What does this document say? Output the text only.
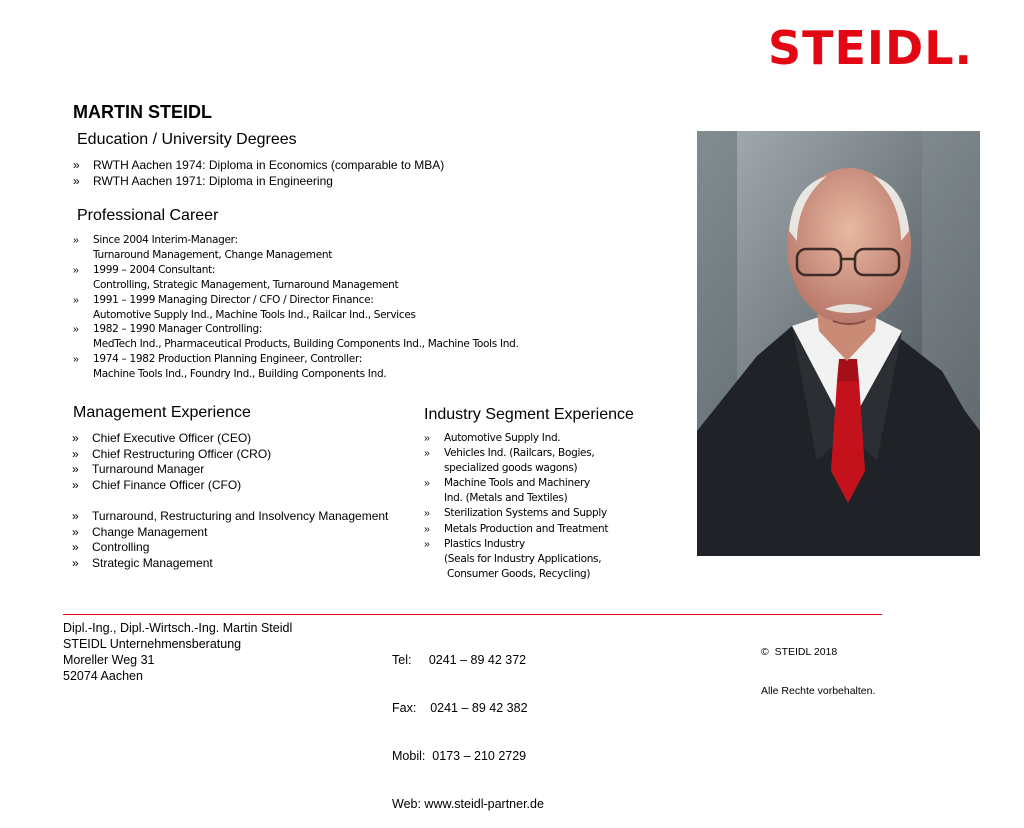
STEIDL.
MARTIN STEIDL
Education / University Degrees
» RWTH Aachen 1974: Diploma in Economics (comparable to MBA)
» RWTH Aachen 1971: Diploma in Engineering
Professional Career
» Since 2004 Interim-Manager:
Turnaround Management, Change Management
» 1999 – 2004 Consultant:
Controlling, Strategic Management, Turnaround Management
» 1991 – 1999 Managing Director / CFO / Director Finance:
Automotive Supply Ind., Machine Tools Ind., Railcar Ind., Services
» 1982 – 1990 Manager Controlling:
MedTech Ind., Pharmaceutical Products, Building Components Ind., Machine Tools Ind.
» 1974 – 1982 Production Planning Engineer, Controller:
Machine Tools Ind., Foundry Ind., Building Components Ind.
Management Experience
» Chief Executive Officer (CEO)
» Chief Restructuring Officer (CRO)
» Turnaround Manager
» Chief Finance Officer (CFO)
» Turnaround, Restructuring and Insolvency Management
» Change Management
» Controlling
» Strategic Management
Industry Segment Experience
» Automotive Supply Ind.
» Vehicles Ind. (Railcars, Bogies,
specialized goods wagons)
» Machine Tools and Machinery
Ind. (Metals and Textiles)
» Sterilization Systems and Supply
» Metals Production and Treatment
» Plastics Industry
(Seals for Industry Applications,
Consumer Goods, Recycling)
Dipl.-Ing., Dipl.-Wirtsch.-Ing. Martin Steidl
STEIDL Unternehmensberatung
Moreller Weg 31
52074 Aachen

Tel:     0241 – 89 42 372

Fax:    0241 – 89 42 382

Mobil:  0173 – 210 2729

Web: www.steidl-partner.de

©  STEIDL 2018

Alle Rechte vorbehalten.
